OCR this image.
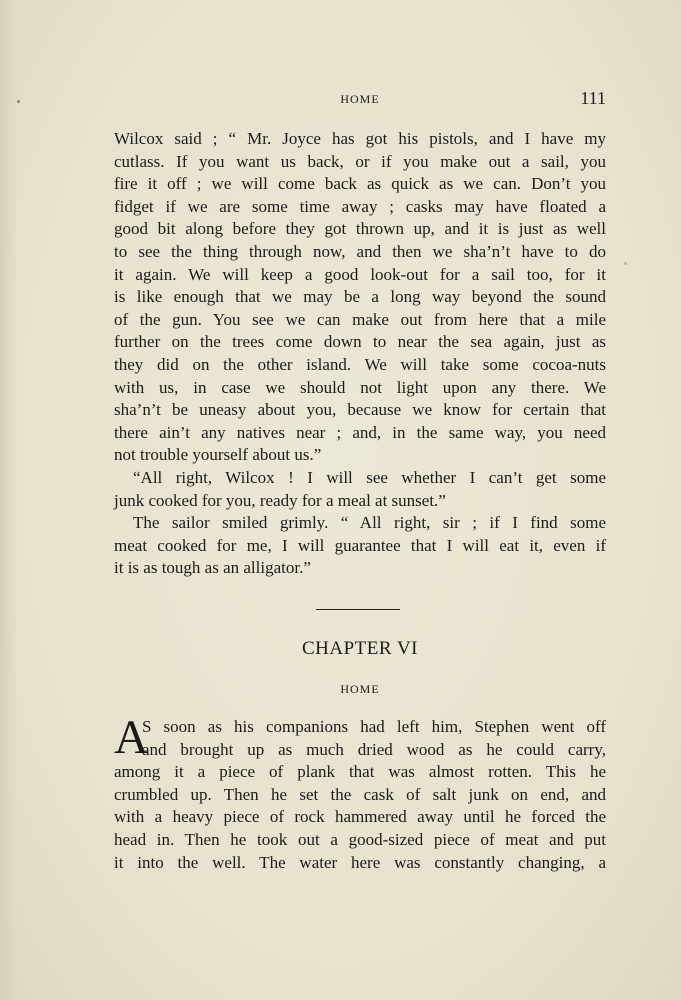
HOME	111
Wilcox said ; “ Mr. Joyce has got his pistols, and I have my
cutlass. If you want us back, or if you make out a sail, you
fire it off ; we will come back as quick as we can. Don’t you
fidget if we are some time away ; casks may have floated a
good bit along before they got thrown up, and it is just as well
to see the thing through now, and then we sha’n’t have to do
it again. We will keep a good look-out for a sail too, for it
is like enough that we may be a long way beyond the sound
of the gun. You see we can make out from here that a mile
further on the trees come down to near the sea again, just as
they did on the other island. We will take some cocoa-nuts
with us, in case we should not light upon any there. We
sha’n’t be uneasy about you, because we know for certain that
there ain’t any natives near ; and, in the same way, you need
not trouble yourself about us.”
“All right, Wilcox ! I will see whether I can’t get some
junk cooked for you, ready for a meal at sunset.”
The sailor smiled grimly. “ All right, sir ; if I find some
meat cooked for me, I will guarantee that I will eat it, even if
it is as tough as an alligator.”
CHAPTER VI
HOME
A
S soon as his companions had left him, Stephen went off
and brought up as much dried wood as he could carry,
among it a piece of plank that was almost rotten. This he
crumbled up. Then he set the cask of salt junk on end, and
with a heavy piece of rock hammered away until he forced the
head in. Then he took out a good-sized piece of meat and put
it into the well. The water here was constantly changing, a
